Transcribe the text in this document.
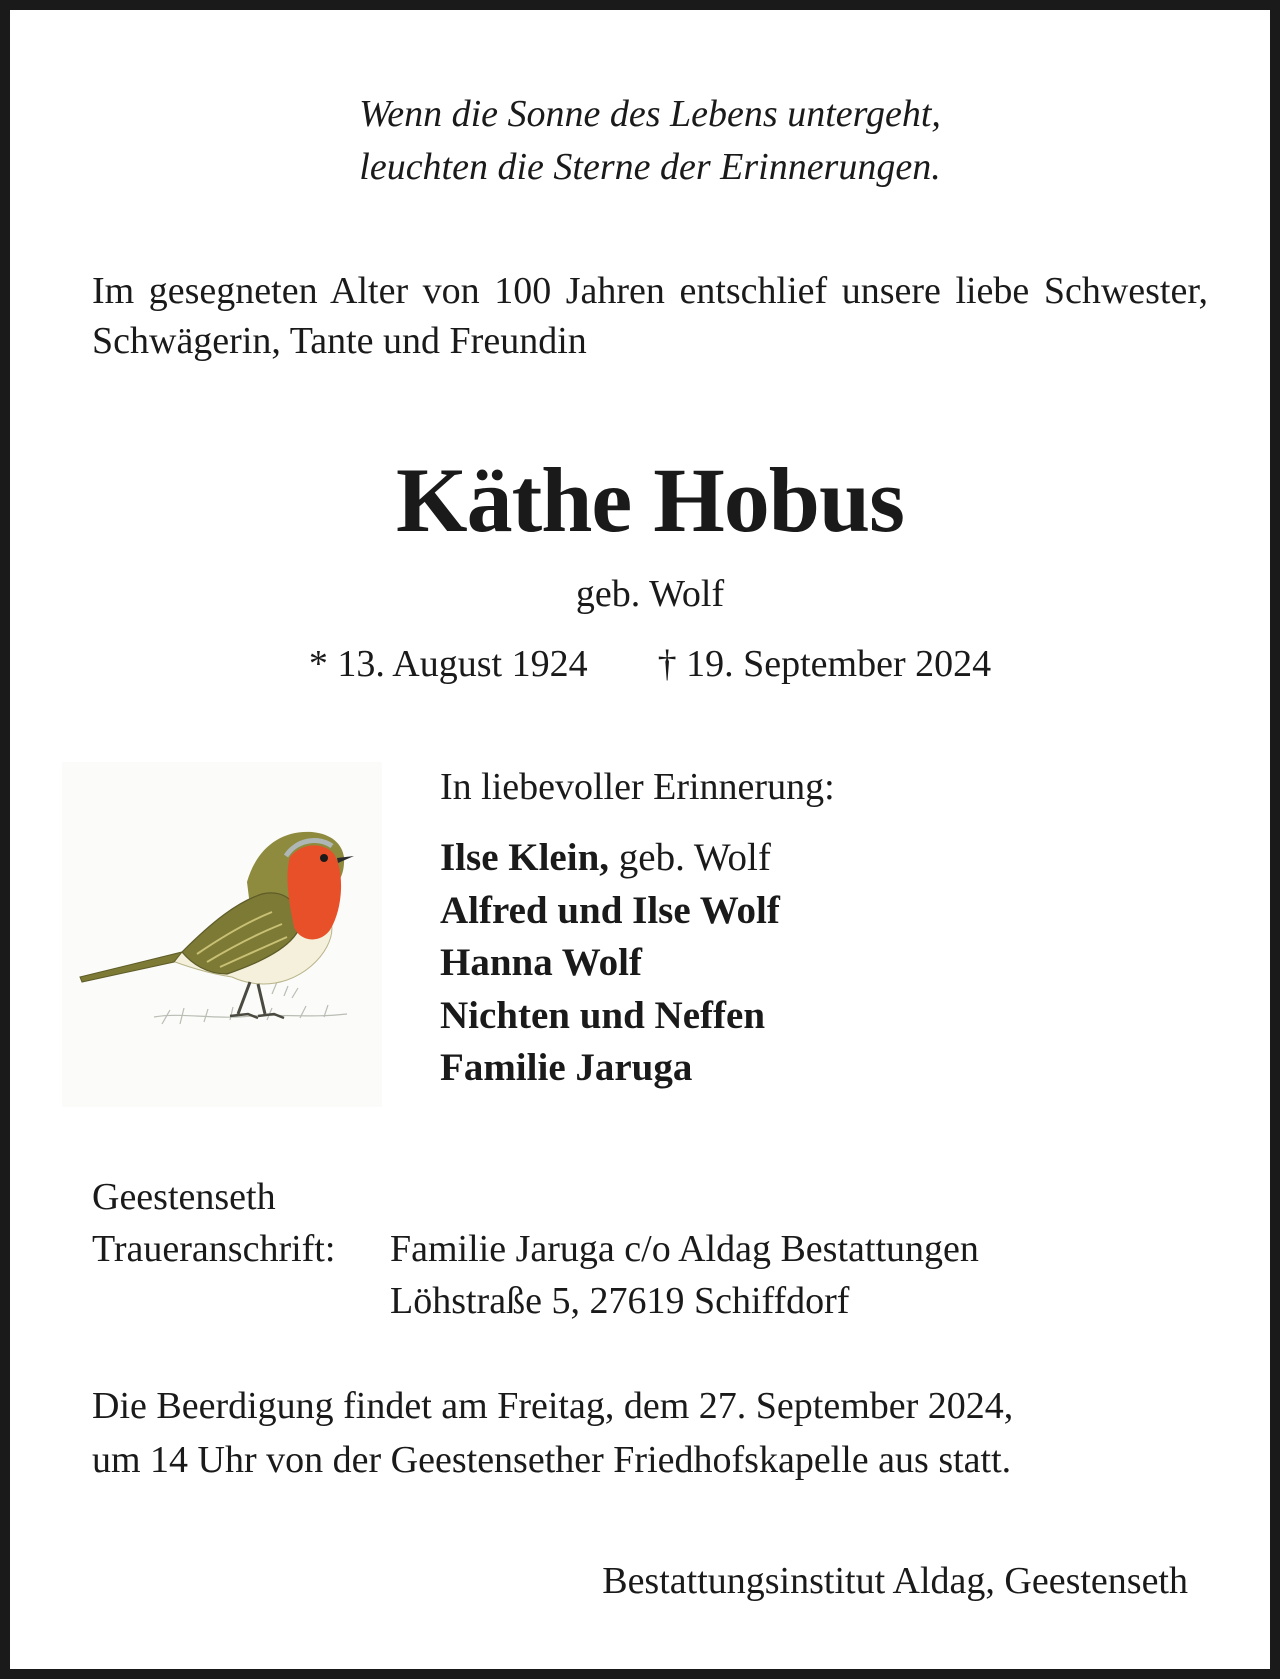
Wenn die Sonne des Lebens untergeht,

leuchten die Sterne der Erinnerungen.

Im gesegneten Alter von 100 Jahren entschlief unsere liebe Schwester, Schwägerin, Tante und Freundin

Käthe Hobus

geb. Wolf

* 13. August 1924 † 19. September 2024

In liebevoller Erinnerung:

Ilse Klein, geb. Wolf
Alfred und Ilse Wolf
Hanna Wolf
Nichten und Neffen
Familie Jaruga
Geestenseth
Traueranschrift:	Familie Jaruga c/o Aldag Bestattungen
Löhstraße 5, 27619 Schiffdorf
Die Beerdigung findet am Freitag, dem 27. September 2024,
um 14 Uhr von der Geestensether Friedhofskapelle aus statt.

Bestattungsinstitut Aldag, Geestenseth
